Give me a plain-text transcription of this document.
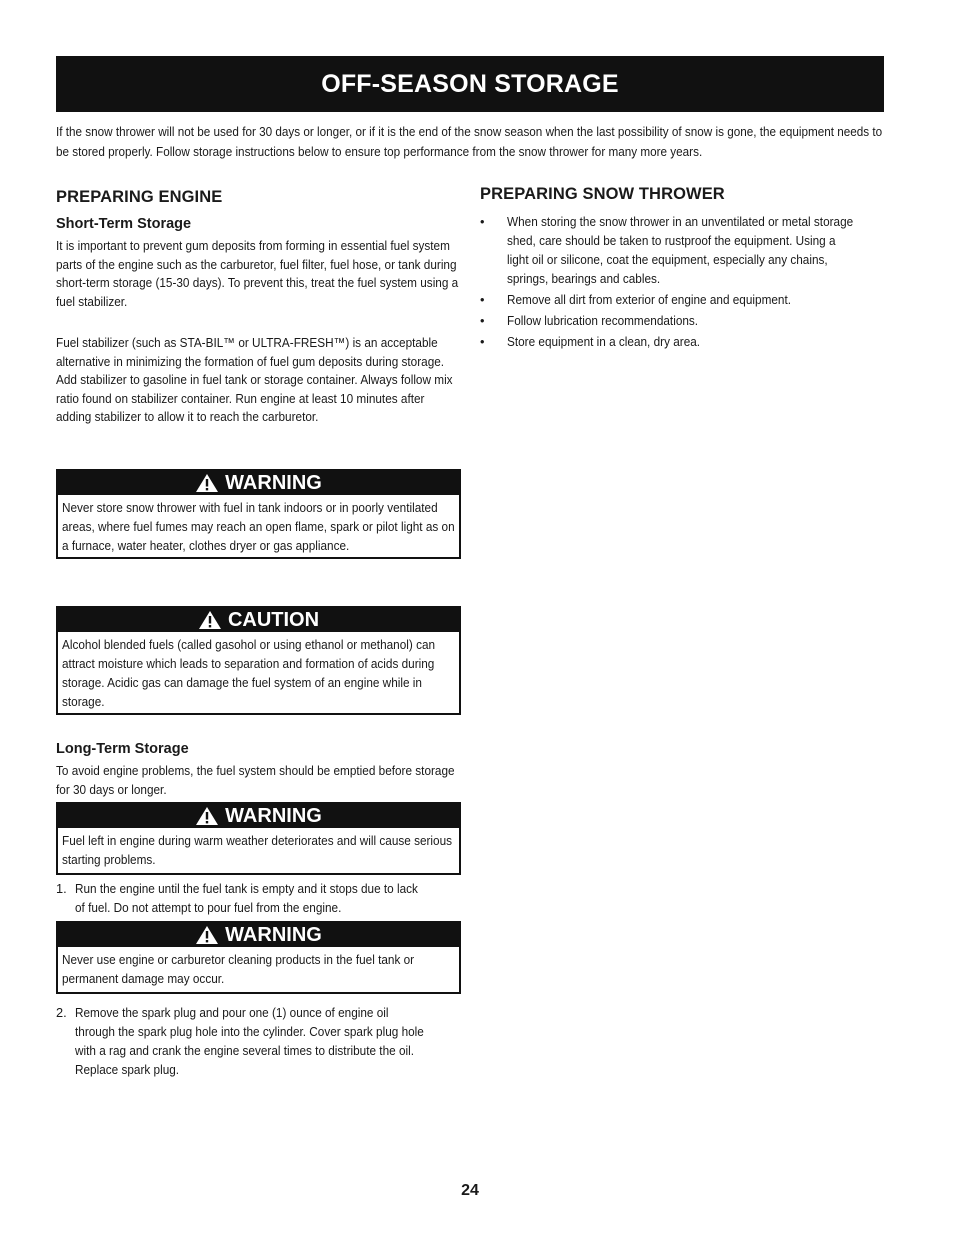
OFF-SEASON STORAGE
If the snow thrower will not be used for 30 days or longer, or if it is the end of the snow season when the last possibility of snow is gone, the equipment needs to be stored properly. Follow storage instructions below to ensure top performance from the snow thrower for many more years.
PREPARING ENGINE
Short-Term Storage

It is important to prevent gum deposits from forming in essential fuel system parts of the engine such as the carburetor, fuel filter, fuel hose, or tank during short-term storage (15-30 days). To prevent this, treat the fuel system using a fuel stabilizer.

Fuel stabilizer (such as STA-BIL™ or ULTRA-FRESH™) is an acceptable alternative in minimizing the formation of fuel gum deposits during storage. Add stabilizer to gasoline in fuel tank or storage container. Always follow mix ratio found on stabilizer container. Run engine at least 10 minutes after adding stabilizer to allow it to reach the carburetor.

WARNING
Never store snow thrower with fuel in tank indoors or in poorly ventilated areas, where fuel fumes may reach an open flame, spark or pilot light as on a furnace, water heater, clothes dryer or gas appliance.
CAUTION
Alcohol blended fuels (called gasohol or using ethanol or methanol) can attract moisture which leads to separation and formation of acids during storage. Acidic gas can damage the fuel system of an engine while in storage.
Long-Term Storage

To avoid engine problems, the fuel system should be emptied before storage for 30 days or longer.

WARNING
Fuel left in engine during warm weather deteriorates and will cause serious starting problems.
1. Run the engine until the fuel tank is empty and it stops due to lack of fuel. Do not attempt to pour fuel from the engine.
WARNING
Never use engine or carburetor cleaning products in the fuel tank or permanent damage may occur.
2. Remove the spark plug and pour one (1) ounce of engine oil through the spark plug hole into the cylinder. Cover spark plug hole with a rag and crank the engine several times to distribute the oil. Replace spark plug.
PREPARING SNOW THROWER
•	When storing the snow thrower in an unventilated or metal storage shed, care should be taken to rustproof the equipment. Using a light oil or silicone, coat the equipment, especially any chains, springs, bearings and cables.
•	Remove all dirt from exterior of engine and equipment.
•	Follow lubrication recommendations.
•	Store equipment in a clean, dry area.
24
